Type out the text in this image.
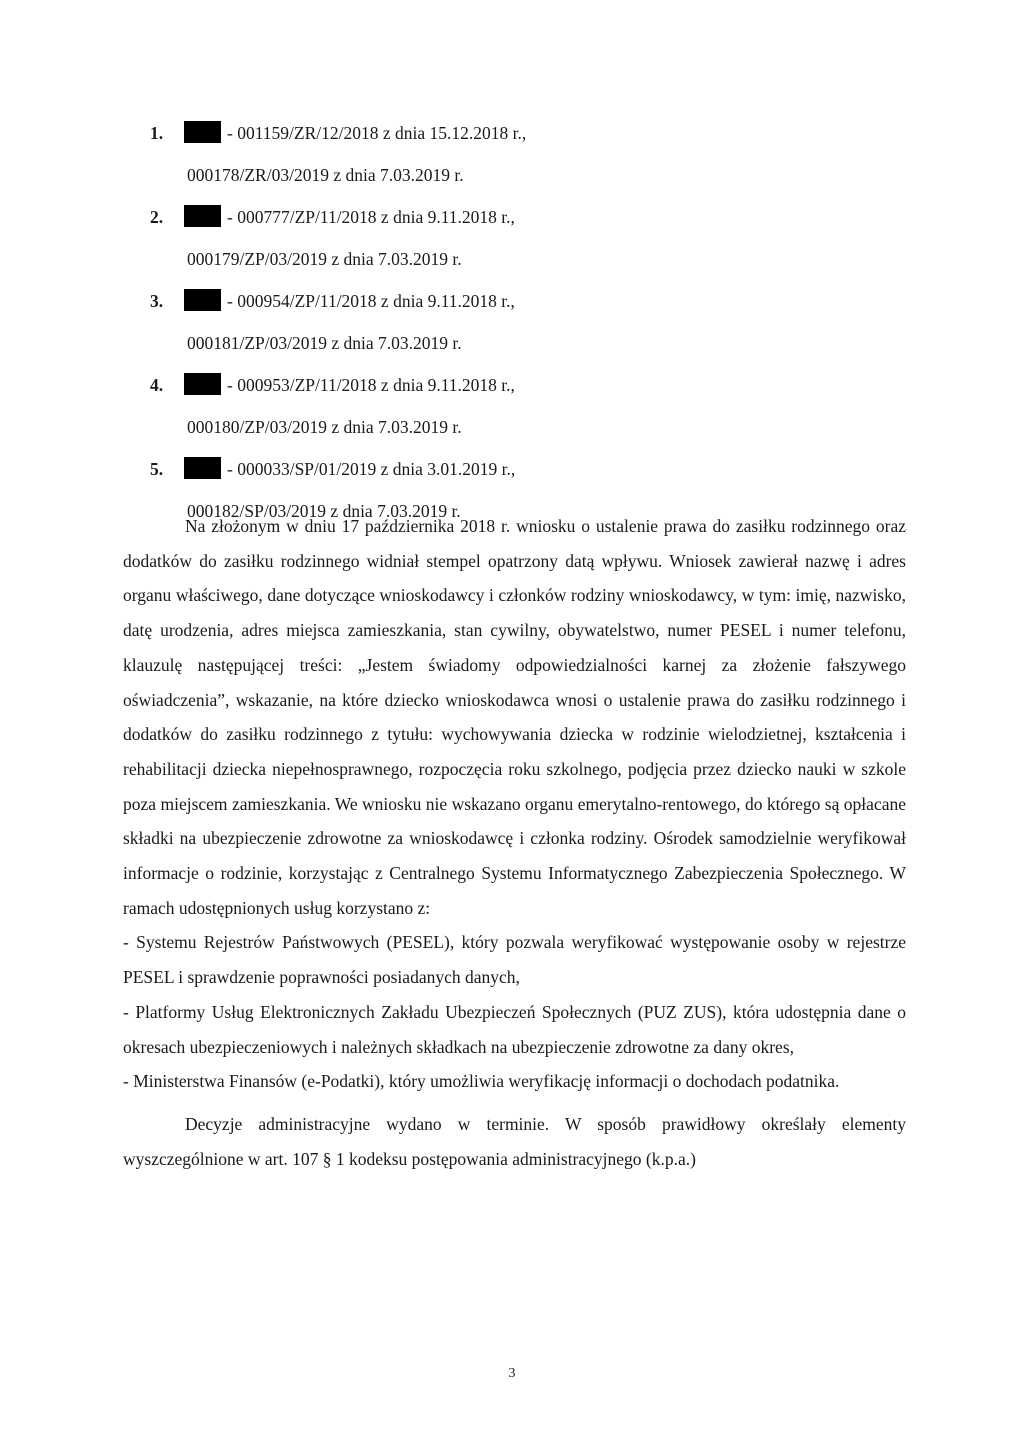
1.	- 001159/ZR/12/2018 z dnia 15.12.2018 r.,
000178/ZR/03/2019 z dnia 7.03.2019 r.
2.	- 000777/ZP/11/2018 z dnia 9.11.2018 r.,
000179/ZP/03/2019 z dnia 7.03.2019 r.
3.	- 000954/ZP/11/2018 z dnia 9.11.2018 r.,
000181/ZP/03/2019 z dnia 7.03.2019 r.
4.	- 000953/ZP/11/2018 z dnia 9.11.2018 r.,
000180/ZP/03/2019 z dnia 7.03.2019 r.
5.	- 000033/SP/01/2019 z dnia 3.01.2019 r.,
000182/SP/03/2019 z dnia 7.03.2019 r.

Na złożonym w dniu 17 października 2018 r. wniosku o ustalenie prawa do zasiłku rodzinnego oraz dodatków do zasiłku rodzinnego widniał stempel opatrzony datą wpływu. Wniosek zawierał nazwę i adres organu właściwego, dane dotyczące wnioskodawcy i członków rodziny wnioskodawcy, w tym: imię, nazwisko, datę urodzenia, adres miejsca zamieszkania, stan cywilny, obywatelstwo, numer PESEL i numer telefonu, klauzulę następującej treści: „Jestem świadomy odpowiedzialności karnej za złożenie fałszywego oświadczenia”, wskazanie, na które dziecko wnioskodawca wnosi o ustalenie prawa do zasiłku rodzinnego i dodatków do zasiłku rodzinnego z tytułu: wychowywania dziecka w rodzinie wielodzietnej, kształcenia i rehabilitacji dziecka niepełnosprawnego, rozpoczęcia roku szkolnego, podjęcia przez dziecko nauki w szkole poza miejscem zamieszkania. We wniosku nie wskazano organu emerytalno-rentowego, do którego są opłacane składki na ubezpieczenie zdrowotne za wnioskodawcę i członka rodziny. Ośrodek samodzielnie weryfikował informacje o rodzinie, korzystając z Centralnego Systemu Informatycznego Zabezpieczenia Społecznego. W ramach udostępnionych usług korzystano z:

- Systemu Rejestrów Państwowych (PESEL), który pozwala weryfikować występowanie osoby w rejestrze PESEL i sprawdzenie poprawności posiadanych danych,

- Platformy Usług Elektronicznych Zakładu Ubezpieczeń Społecznych (PUZ ZUS), która udostępnia dane o okresach ubezpieczeniowych i należnych składkach na ubezpieczenie zdrowotne za dany okres,

- Ministerstwa Finansów (e-Podatki), który umożliwia weryfikację informacji o dochodach podatnika.

Decyzje administracyjne wydano w terminie. W sposób prawidłowy określały elementy wyszczególnione w art. 107 § 1 kodeksu postępowania administracyjnego (k.p.a.)

3
